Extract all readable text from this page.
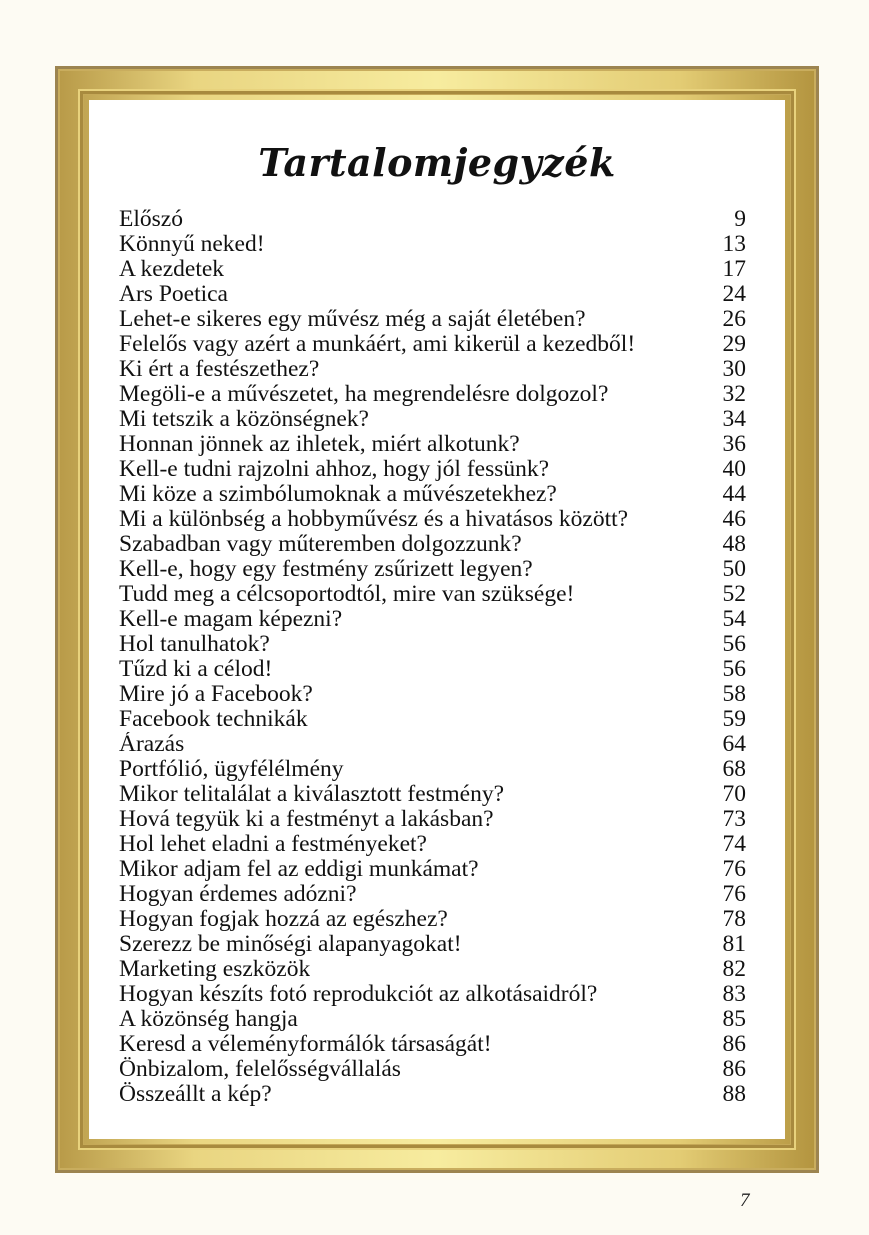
Tartalomjegyzék
Előszó	9
Könnyű neked!	13
A kezdetek	17
Ars Poetica	24
Lehet-e sikeres egy művész még a saját életében?	26
Felelős vagy azért a munkáért, ami kikerül a kezedből!	29
Ki ért a festészethez?	30
Megöli-e a művészetet, ha megrendelésre dolgozol?	32
Mi tetszik a közönségnek?	34
Honnan jönnek az ihletek, miért alkotunk?	36
Kell-e tudni rajzolni ahhoz, hogy jól fessünk?	40
Mi köze a szimbólumoknak a művészetekhez?	44
Mi a különbség a hobbyművész és a hivatásos között?	46
Szabadban vagy műteremben dolgozzunk?	48
Kell-e, hogy egy festmény zsűrizett legyen?	50
Tudd meg a célcsoportodtól, mire van szüksége!	52
Kell-e magam képezni?	54
Hol tanulhatok?	56
Tűzd ki a célod!	56
Mire jó a Facebook?	58
Facebook technikák	59
Árazás	64
Portfólió, ügyfélélmény	68
Mikor telitalálat a kiválasztott festmény?	70
Hová tegyük ki a festményt a lakásban?	73
Hol lehet eladni a festményeket?	74
Mikor adjam fel az eddigi munkámat?	76
Hogyan érdemes adózni?	76
Hogyan fogjak hozzá az egészhez?	78
Szerezz be minőségi alapanyagokat!	81
Marketing eszközök	82
Hogyan készíts fotó reprodukciót az alkotásaidról?	83
A közönség hangja	85
Keresd a véleményformálók társaságát!	86
Önbizalom, felelősségvállalás	86
Összeállt a kép?	88
7
